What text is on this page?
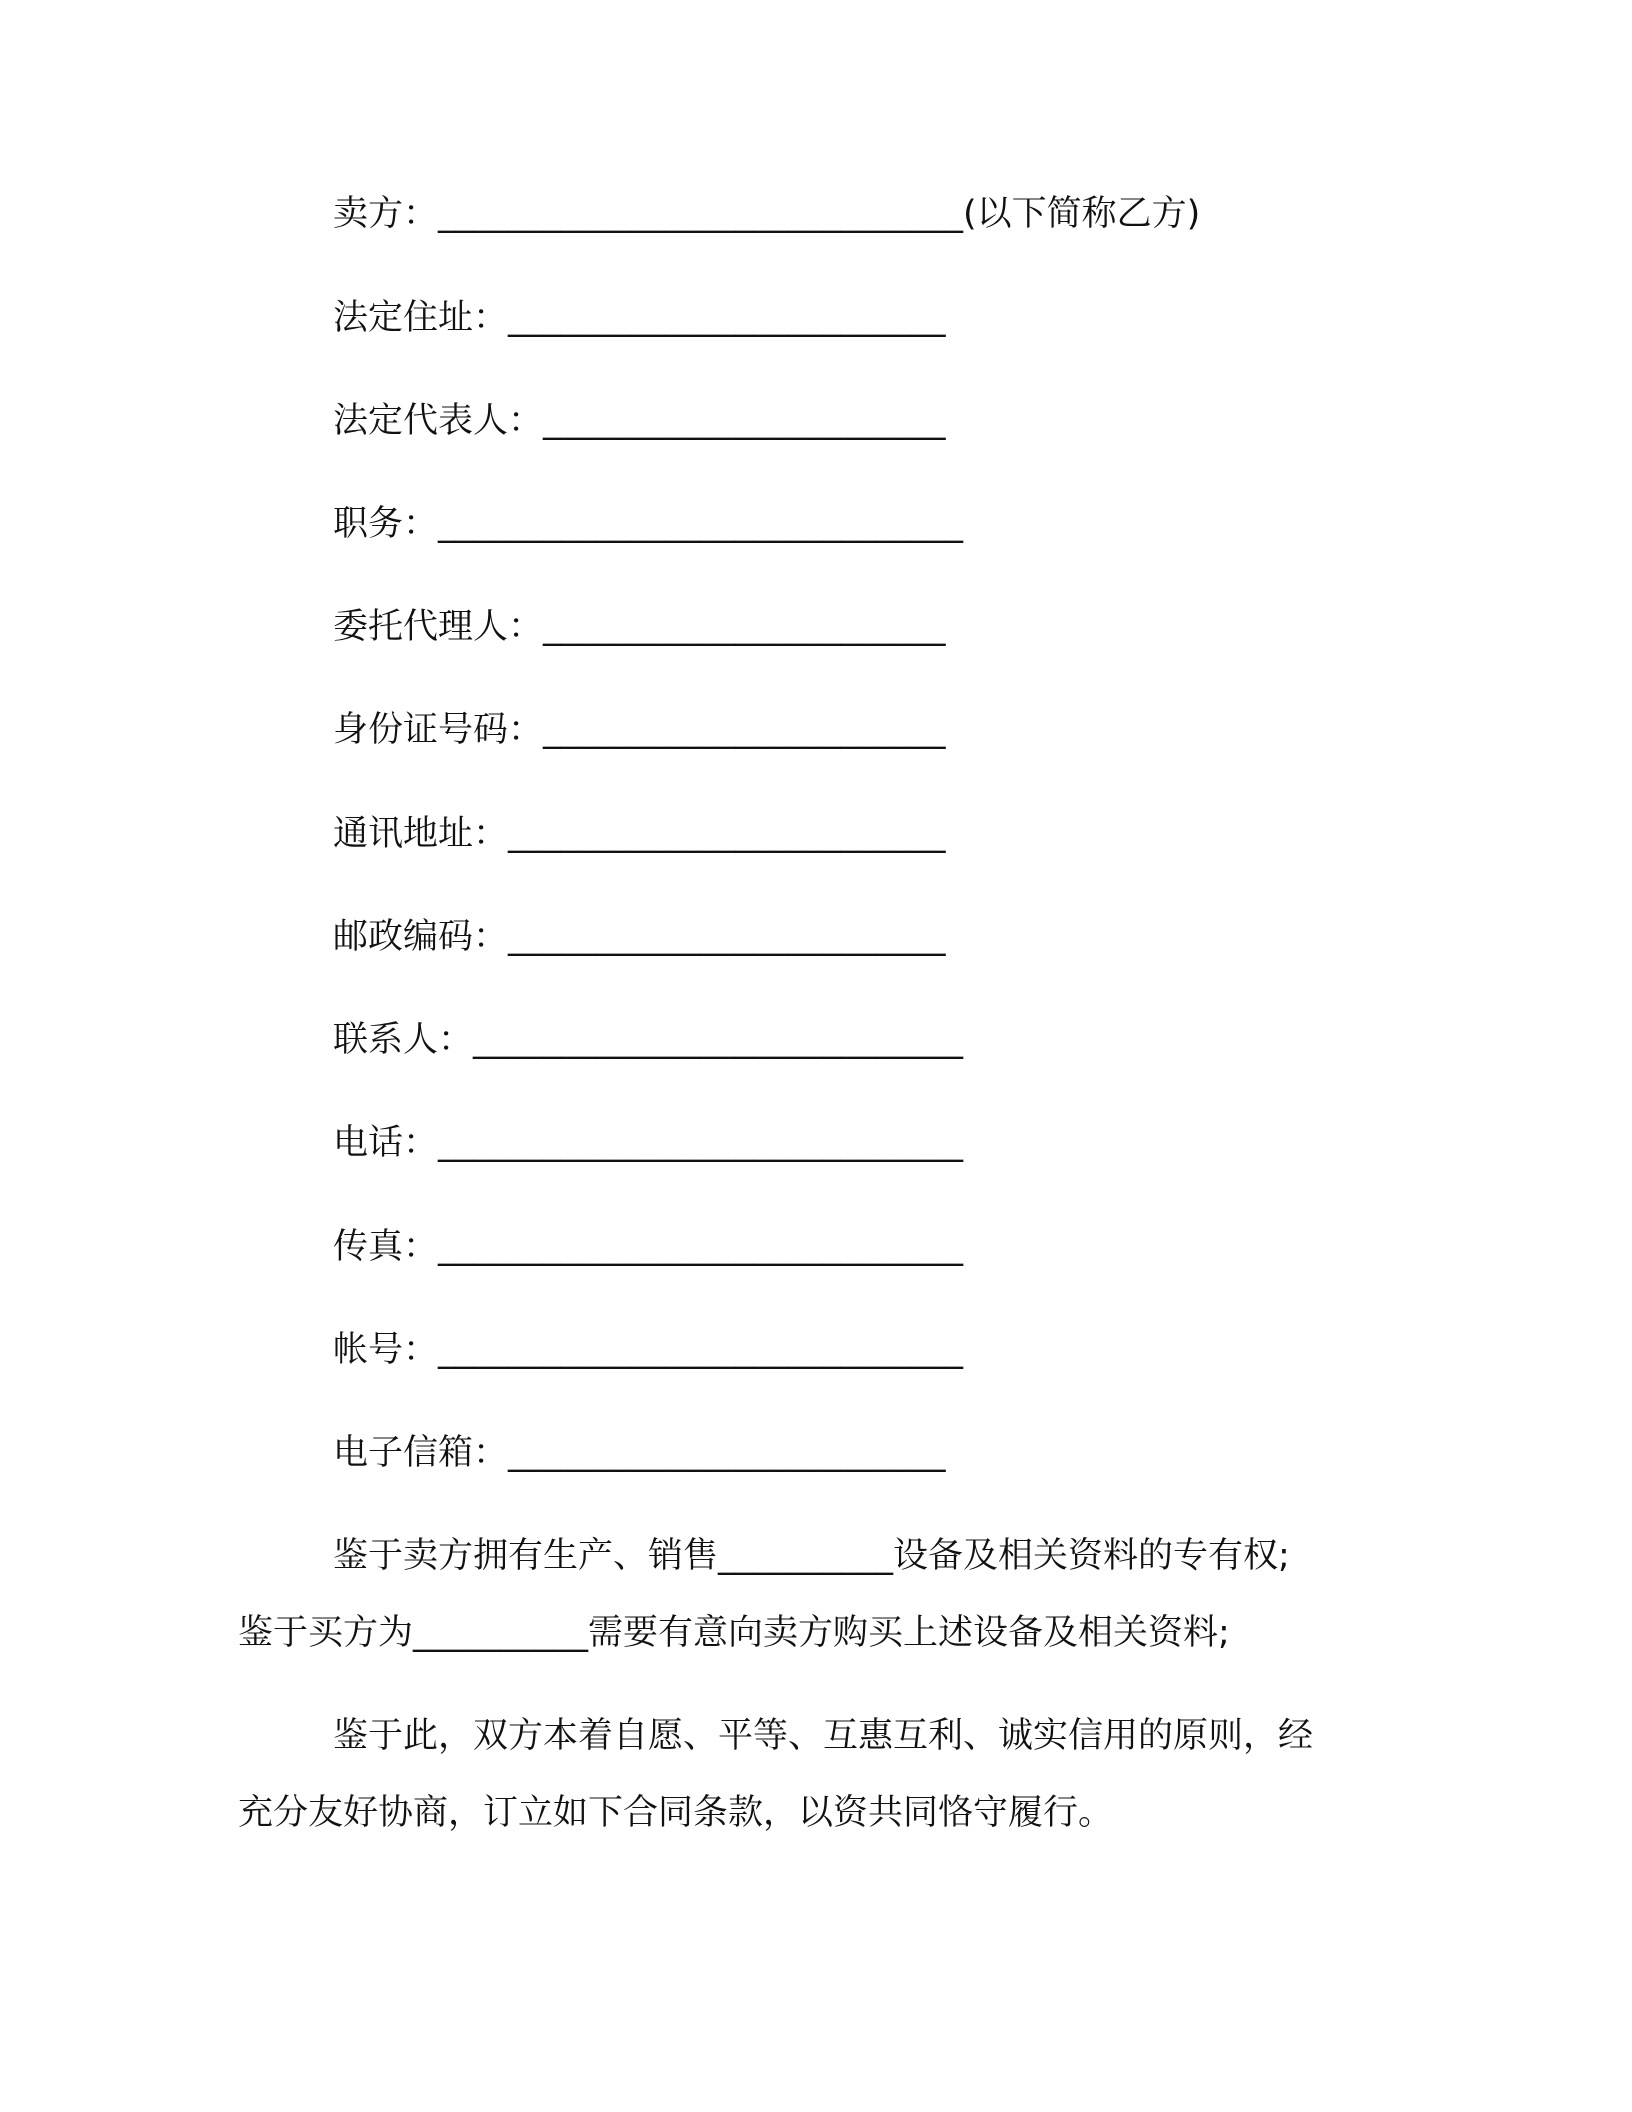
卖方：______________________________(以下简称乙方)
法定住址：_________________________
法定代表人：_______________________
职务：______________________________
委托代理人：_______________________
身份证号码：_______________________
通讯地址：_________________________
邮政编码：_________________________
联系人：____________________________
电话：______________________________
传真：______________________________
帐号：______________________________
电子信箱：_________________________
鉴于卖方拥有生产、销售__________设备及相关资料的专有权;
鉴于买方为__________需要有意向卖方购买上述设备及相关资料;
鉴于此，双方本着自愿、平等、互惠互利、诚实信用的原则，经
充分友好协商，订立如下合同条款，以资共同恪守履行。
